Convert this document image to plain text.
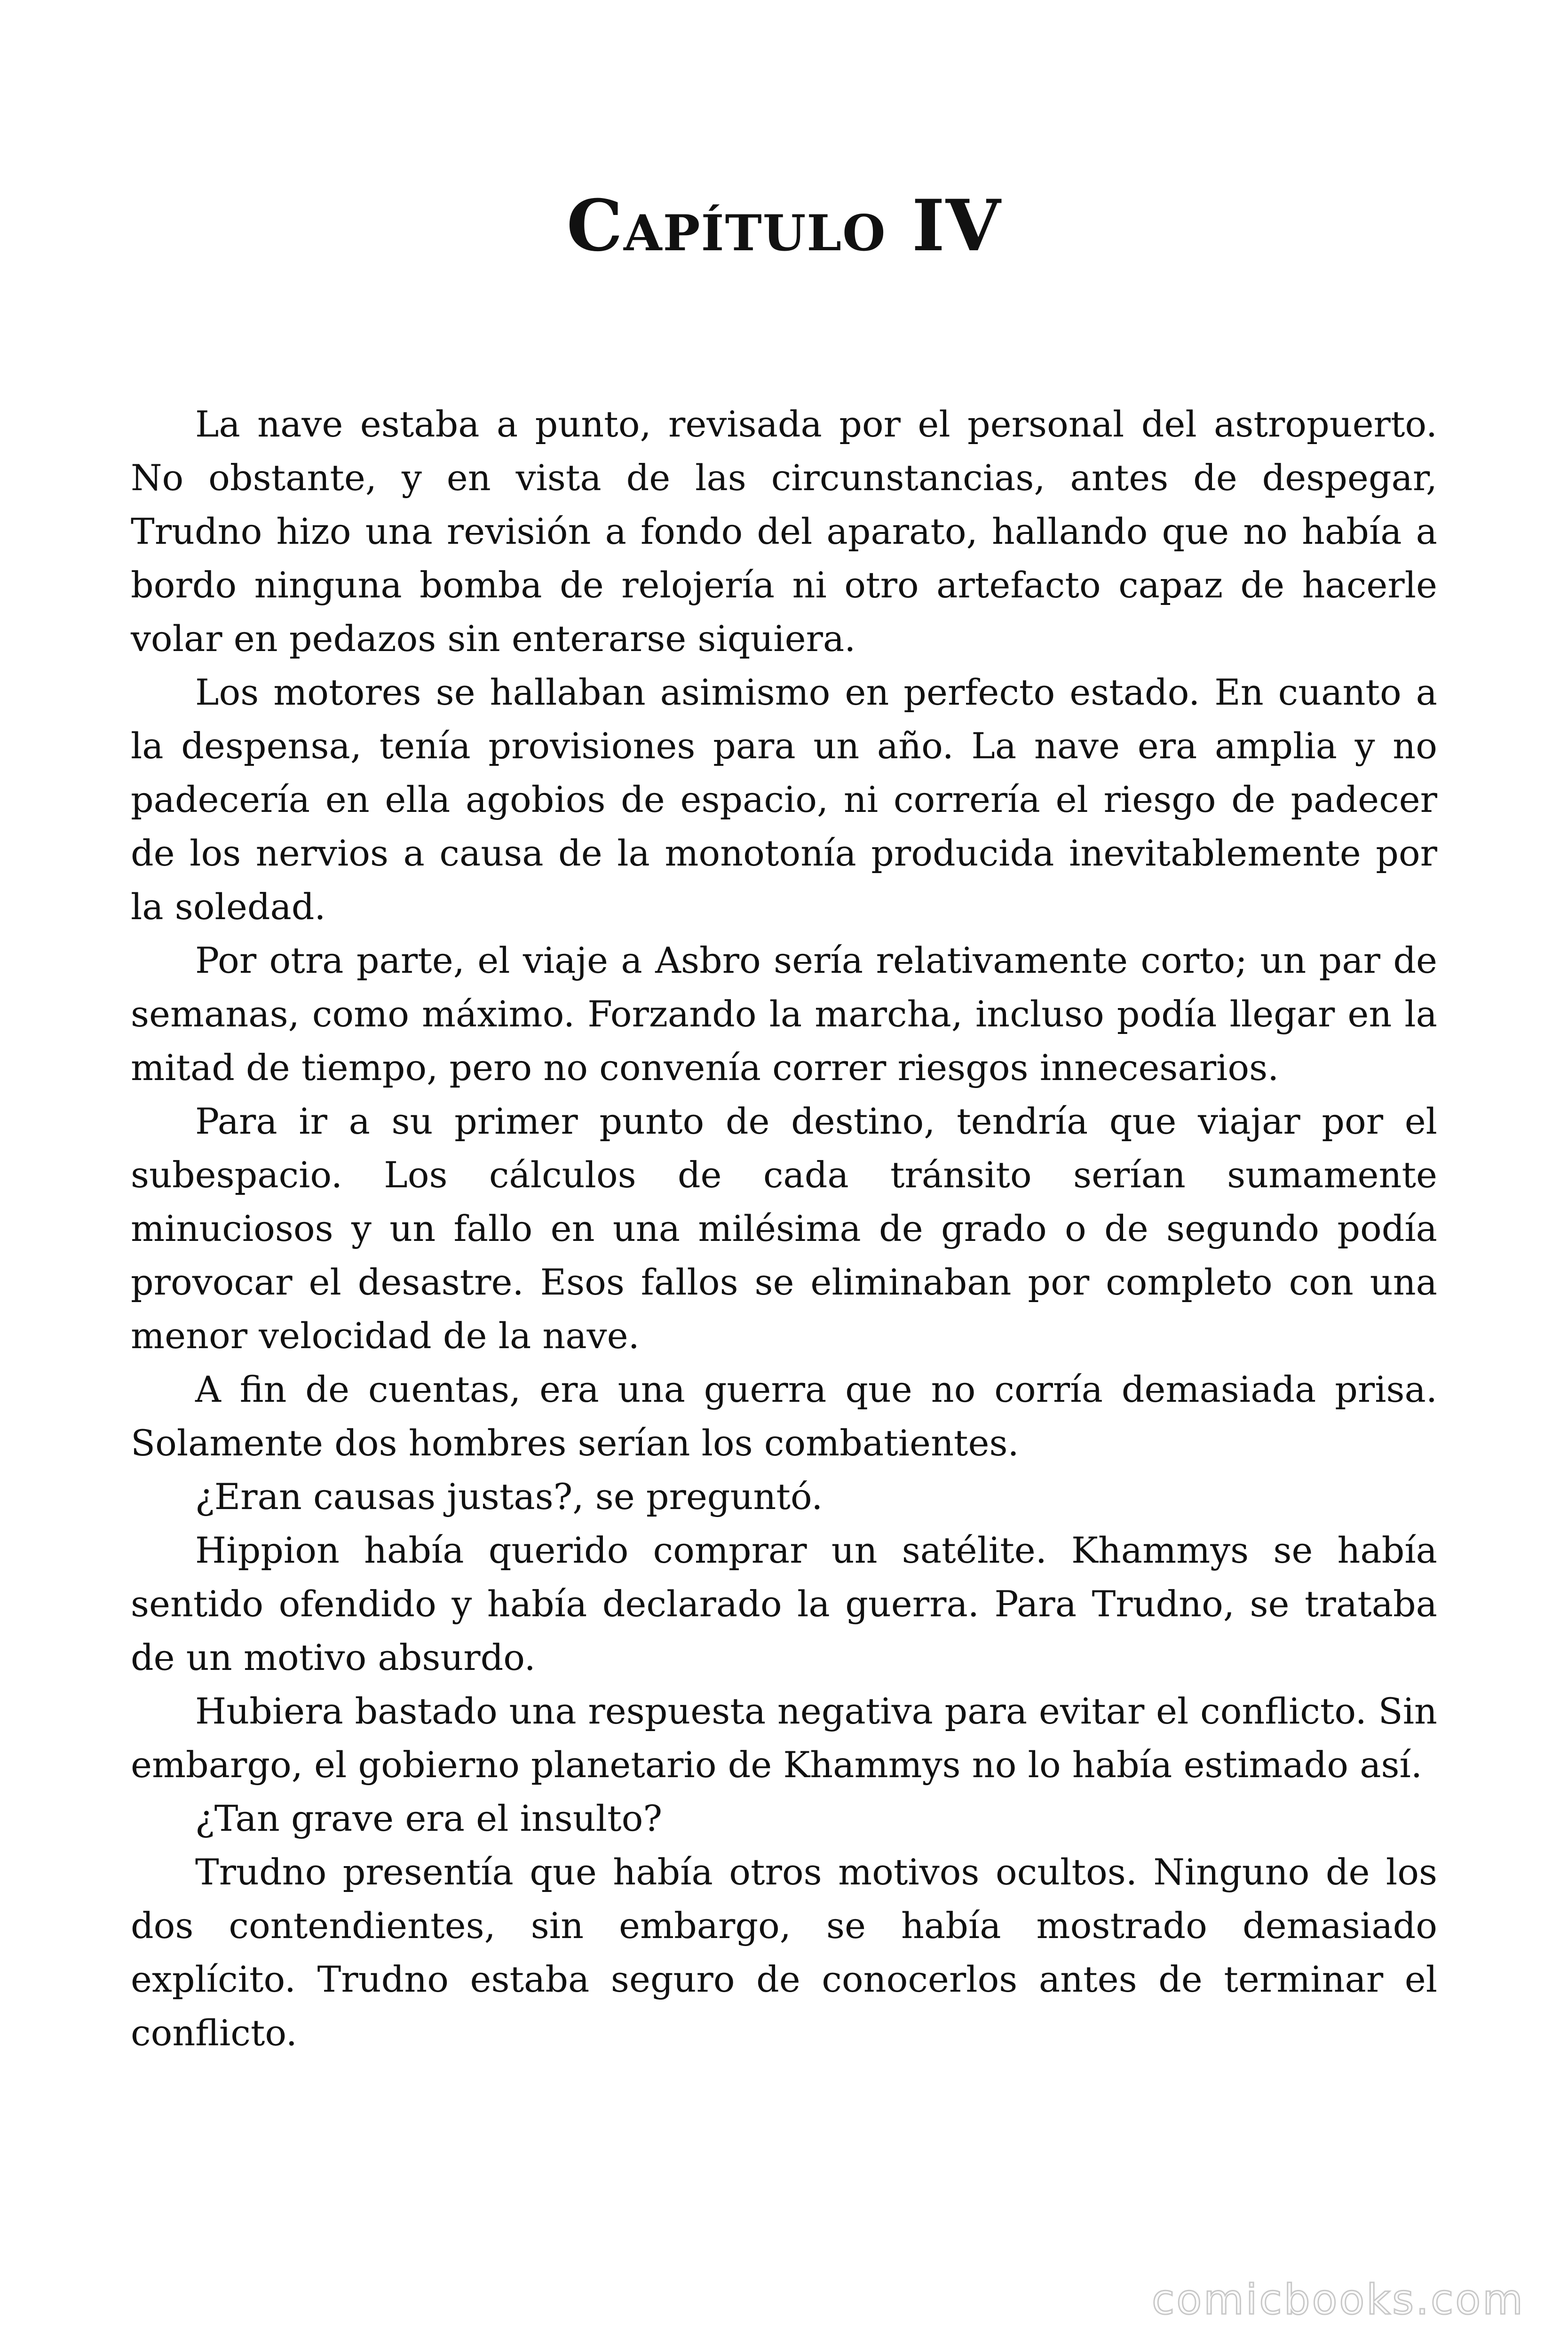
Capítulo IV

La nave estaba a punto, revisada por el personal del astropuerto. No obstante, y en vista de las circunstancias, antes de despegar, Trudno hizo una revisión a fondo del aparato, hallando que no había a bordo ninguna bomba de relojería ni otro artefacto capaz de hacerle volar en pedazos sin enterarse siquiera.

Los motores se hallaban asimismo en perfecto estado. En cuanto a la despensa, tenía provisiones para un año. La nave era amplia y no padecería en ella agobios de espacio, ni correría el riesgo de padecer de los nervios a causa de la monotonía producida inevitablemente por la soledad.

Por otra parte, el viaje a Asbro sería relativamente corto; un par de semanas, como máximo. Forzando la marcha, incluso podía llegar en la mitad de tiempo, pero no convenía correr riesgos innecesarios.

Para ir a su primer punto de destino, tendría que viajar por el subespacio. Los cálculos de cada tránsito serían sumamente minuciosos y un fallo en una milésima de grado o de segundo podía provocar el desastre. Esos fallos se eliminaban por completo con una menor velocidad de la nave.

A fin de cuentas, era una guerra que no corría demasiada prisa. Solamente dos hombres serían los combatientes.

¿Eran causas justas?, se preguntó.

Hippion había querido comprar un satélite. Khammys se había sentido ofendido y había declarado la guerra. Para Trudno, se trataba de un motivo absurdo.

Hubiera bastado una respuesta negativa para evitar el conflicto. Sin embargo, el gobierno planetario de Khammys no lo había estimado así.

¿Tan grave era el insulto?

Trudno presentía que había otros motivos ocultos. Ninguno de los dos contendientes, sin embargo, se había mostrado demasiado explícito. Trudno estaba seguro de conocerlos antes de terminar el conflicto.

comicbooks.com
